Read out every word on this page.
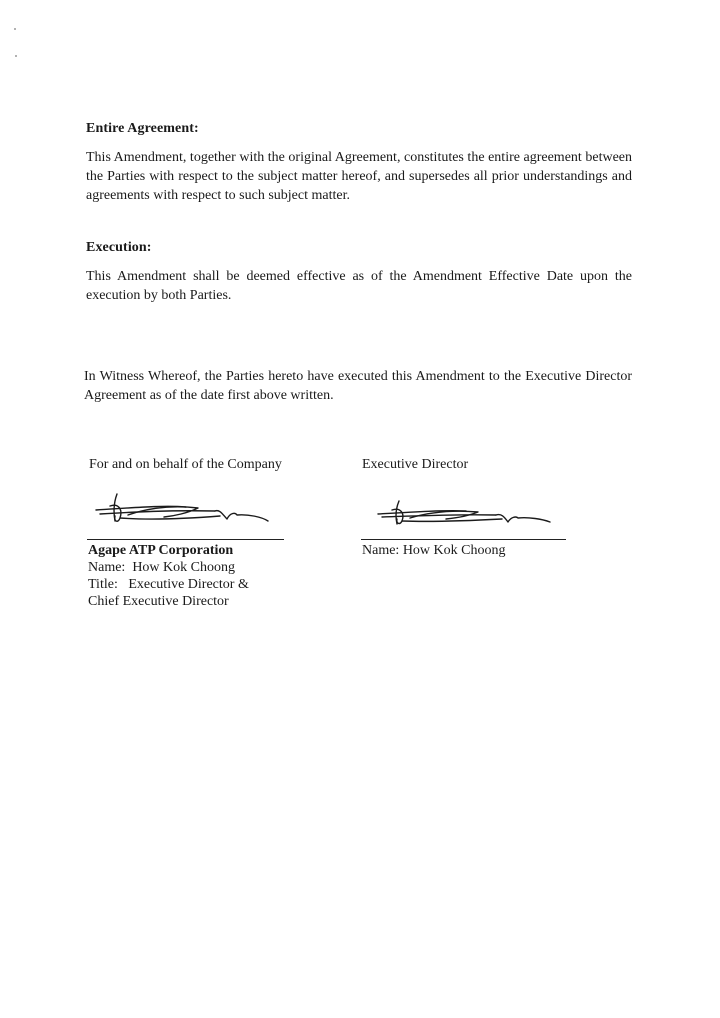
Entire Agreement:
This Amendment, together with the original Agreement, constitutes the entire agreement between the Parties with respect to the subject matter hereof, and supersedes all prior understandings and agreements with respect to such subject matter.
Execution:
This Amendment shall be deemed effective as of the Amendment Effective Date upon the execution by both Parties.
In Witness Whereof, the Parties hereto have executed this Amendment to the Executive Director Agreement as of the date first above written.
For and on behalf of the Company
Agape ATP Corporation
Name:  How Kok Choong
Title:   Executive Director &
Chief Executive Director
Executive Director
Name: How Kok Choong
